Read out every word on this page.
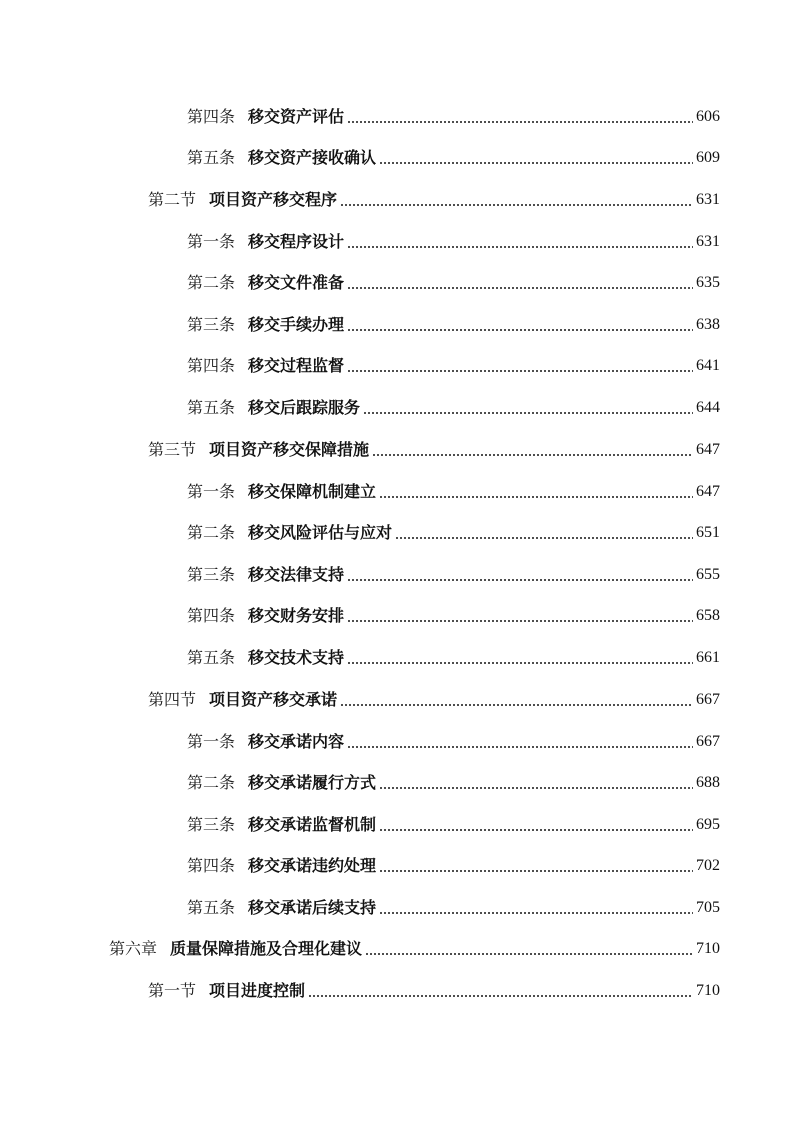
第四条 移交资产评估	606
第五条 移交资产接收确认	609
第二节 项目资产移交程序	631
第一条 移交程序设计	631
第二条 移交文件准备	635
第三条 移交手续办理	638
第四条 移交过程监督	641
第五条 移交后跟踪服务	644
第三节 项目资产移交保障措施	647
第一条 移交保障机制建立	647
第二条 移交风险评估与应对	651
第三条 移交法律支持	655
第四条 移交财务安排	658
第五条 移交技术支持	661
第四节 项目资产移交承诺	667
第一条 移交承诺内容	667
第二条 移交承诺履行方式	688
第三条 移交承诺监督机制	695
第四条 移交承诺违约处理	702
第五条 移交承诺后续支持	705
第六章 质量保障措施及合理化建议	710
第一节 项目进度控制	710
